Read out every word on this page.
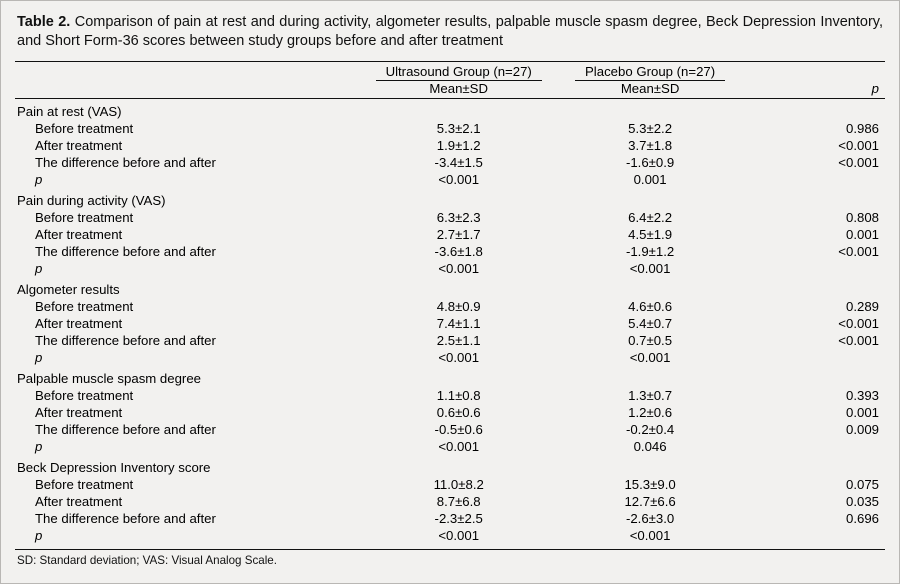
Table 2. Comparison of pain at rest and during activity, algometer results, palpable muscle spasm degree, Beck Depression Inventory, and Short Form-36 scores between study groups before and after treatment

	Ultrasound Group (n=27)	Placebo Group (n=27)	
	Mean±SD	Mean±SD	p

Pain at rest (VAS)			
Before treatment	5.3±2.1	5.3±2.2	0.986
After treatment	1.9±1.2	3.7±1.8	<0.001
The difference before and after	-3.4±1.5	-1.6±0.9	<0.001
p	<0.001	0.001	
Pain during activity (VAS)			
Before treatment	6.3±2.3	6.4±2.2	0.808
After treatment	2.7±1.7	4.5±1.9	0.001
The difference before and after	-3.6±1.8	-1.9±1.2	<0.001
p	<0.001	<0.001	
Algometer results			
Before treatment	4.8±0.9	4.6±0.6	0.289
After treatment	7.4±1.1	5.4±0.7	<0.001
The difference before and after	2.5±1.1	0.7±0.5	<0.001
p	<0.001	<0.001	
Palpable muscle spasm degree			
Before treatment	1.1±0.8	1.3±0.7	0.393
After treatment	0.6±0.6	1.2±0.6	0.001
The difference before and after	-0.5±0.6	-0.2±0.4	0.009
p	<0.001	0.046	
Beck Depression Inventory score			
Before treatment	11.0±8.2	15.3±9.0	0.075
After treatment	8.7±6.8	12.7±6.6	0.035
The difference before and after	-2.3±2.5	-2.6±3.0	0.696
p	<0.001	<0.001	

SD: Standard deviation; VAS: Visual Analog Scale.
